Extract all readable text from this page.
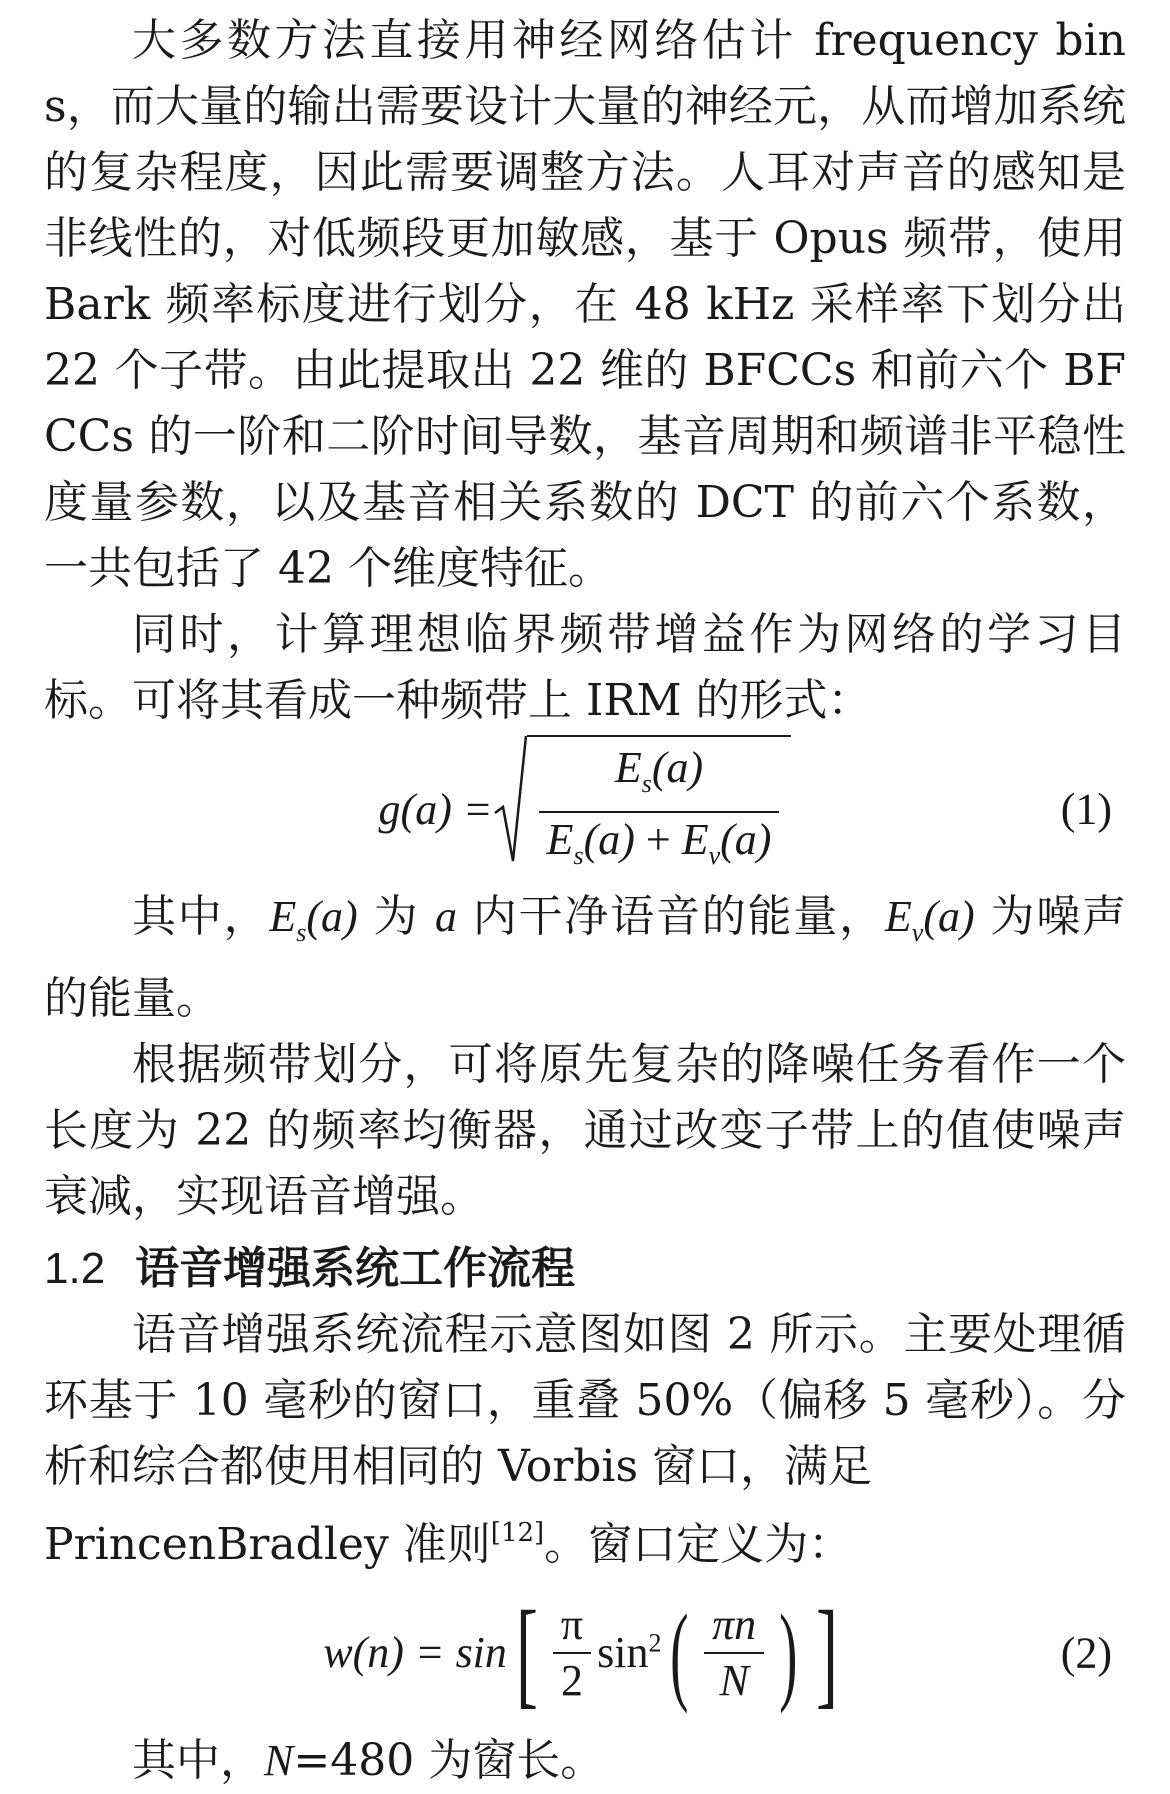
大多数方法直接用神经网络估计 frequency bins，而大量的输出需要设计大量的神经元，从而增加系统的复杂程度，因此需要调整方法。人耳对声音的感知是非线性的，对低频段更加敏感，基于 Opus 频带，使用 Bark 频率标度进行划分，在 48 kHz 采样率下划分出 22 个子带。由此提取出 22 维的 BFCCs 和前六个 BFCCs 的一阶和二阶时间导数，基音周期和频谱非平稳性度量参数，以及基音相关系数的 DCT 的前六个系数，一共包括了 42 个维度特征。

同时，计算理想临界频带增益作为网络的学习目标。可将其看成一种频带上 IRM 的形式：

$g(a) = \frac{E_s(a)}{E_s(a) + E_v(a)}$	(1)

其中，$E_s(a)$ 为 a 内干净语音的能量，$E_v(a)$ 为噪声的能量。

根据频带划分，可将原先复杂的降噪任务看作一个长度为 22 的频率均衡器，通过改变子带上的值使噪声衰减，实现语音增强。

1.2 语音增强系统工作流程

语音增强系统流程示意图如图 2 所示。主要处理循环基于 10 毫秒的窗口，重叠 50%（偏移 5 毫秒）。分析和综合都使用相同的 Vorbis 窗口，满足

PrincenBradley 准则[12]。窗口定义为：

w(n) = sin [ $\frac{\pi}{2} \sin^2$ ( $\frac{\pi n}{N}$ ) ]	(2)

其中，N=480 为窗长。
